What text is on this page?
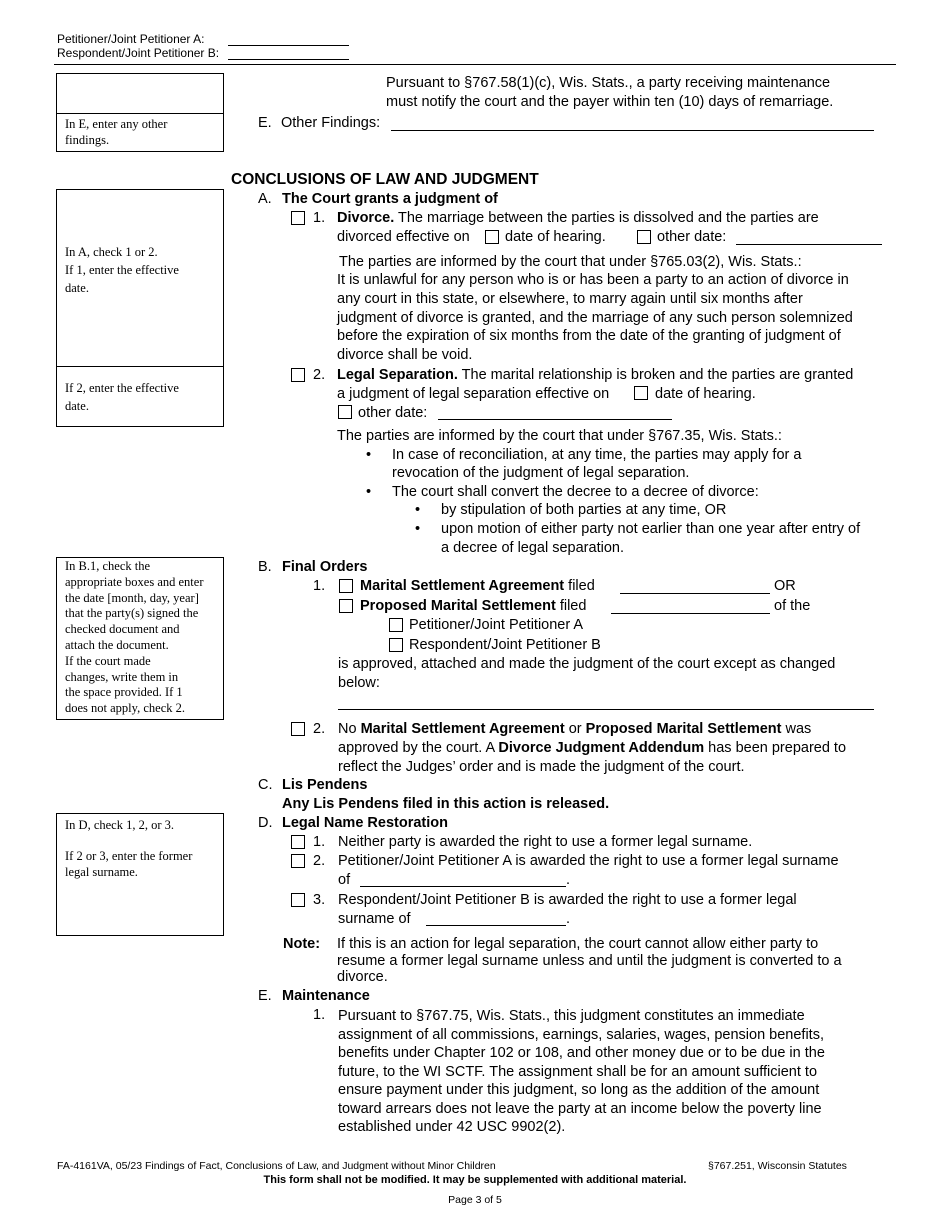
Petitioner/Joint Petitioner A:
Respondent/Joint Petitioner B:
In E, enter any other
findings.
In A, check 1 or 2.
If 1, enter the effective
date.
If 2, enter the effective
date.
In B.1, check the
appropriate boxes and enter
the date [month, day, year]
that the party(s) signed the
checked document and
attach the document.
If the court made
changes, write them in
the space provided. If 1
does not apply, check 2.
In D, check 1, 2, or 3.
If 2 or 3, enter the former
legal surname.
Pursuant to §767.58(1)(c), Wis. Stats., a party receiving maintenance
must notify the court and the payer within ten (10) days of remarriage.
E. Other Findings:
CONCLUSIONS OF LAW AND JUDGMENT
A. The Court grants a judgment of
1. Divorce. The marriage between the parties is dissolved and the parties are
divorced effective on date of hearing.	other date:
The parties are informed by the court that under §765.03(2), Wis. Stats.:
It is unlawful for any person who is or has been a party to an action of divorce in
any court in this state, or elsewhere, to marry again until six months after
judgment of divorce is granted, and the marriage of any such person solemnized
before the expiration of six months from the date of the granting of judgment of
divorce shall be void.
2. Legal Separation. The marital relationship is broken and the parties are granted
a judgment of legal separation effective on	date of hearing.
other date:
The parties are informed by the court that under §767.35, Wis. Stats.:
• In case of reconciliation, at any time, the parties may apply for a
revocation of the judgment of legal separation.
• The court shall convert the decree to a decree of divorce:
• by stipulation of both parties at any time, OR
• upon motion of either party not earlier than one year after entry of
a decree of legal separation.
B. Final Orders
1. Marital Settlement Agreement filed	OR
Proposed Marital Settlement filed	of the
Petitioner/Joint Petitioner A
Respondent/Joint Petitioner B
is approved, attached and made the judgment of the court except as changed
below:
2. No Marital Settlement Agreement or Proposed Marital Settlement was
approved by the court. A Divorce Judgment Addendum has been prepared to
reflect the Judges’ order and is made the judgment of the court.
C. Lis Pendens
Any Lis Pendens filed in this action is released.
D. Legal Name Restoration
1. Neither party is awarded the right to use a former legal surname.
2. Petitioner/Joint Petitioner A is awarded the right to use a former legal surname
of	.
3. Respondent/Joint Petitioner B is awarded the right to use a former legal
surname of	.
Note: If this is an action for legal separation, the court cannot allow either party to
resume a former legal surname unless and until the judgment is converted to a
divorce.
E. Maintenance
1. Pursuant to §767.75, Wis. Stats., this judgment constitutes an immediate
assignment of all commissions, earnings, salaries, wages, pension benefits,
benefits under Chapter 102 or 108, and other money due or to be due in the
future, to the WI SCTF. The assignment shall be for an amount sufficient to
ensure payment under this judgment, so long as the addition of the amount
toward arrears does not leave the party at an income below the poverty line
established under 42 USC 9902(2).
FA-4161VA, 05/23 Findings of Fact, Conclusions of Law, and Judgment without Minor Children	§767.251, Wisconsin Statutes
This form shall not be modified. It may be supplemented with additional material.
Page 3 of 5
